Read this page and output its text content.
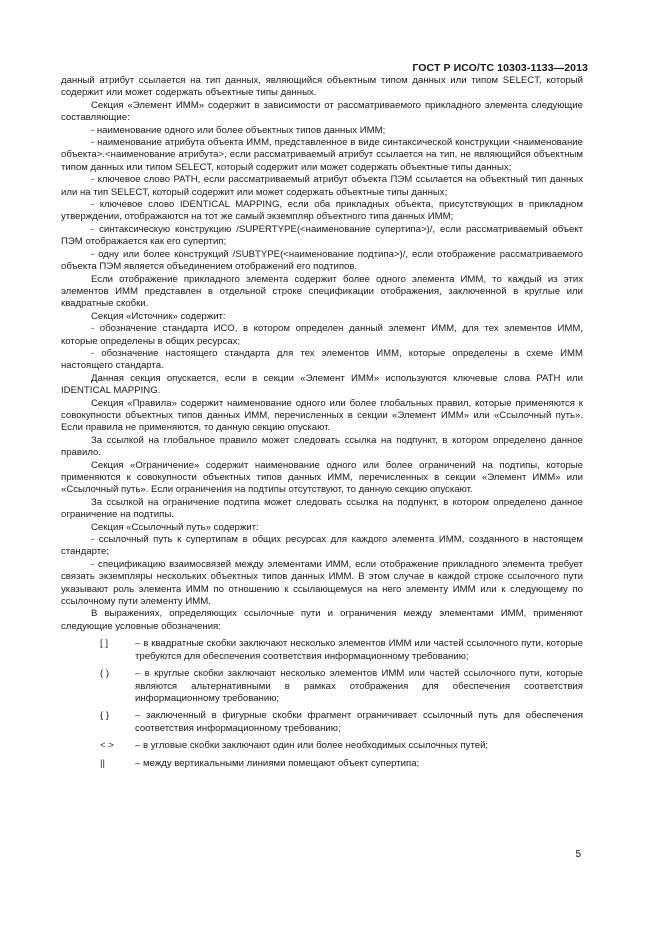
ГОСТ Р ИСО/ТС 10303-1133—2013

данный атрибут ссылается на тип данных, являющийся объектным типом данных или типом SELECT, который содержит или может содержать объектные типы данных.

Секция «Элемент ИММ» содержит в зависимости от рассматриваемого прикладного элемента следующие составляющие:

- наименование одного или более объектных типов данных ИММ;

- наименование атрибута объекта ИММ, представленное в виде синтаксической конструкции <наименование объекта>.<наименование атрибута>, если рассматриваемый атрибут ссылается на тип, не являющийся объектным типом данных или типом SELECT, который содержит или может содержать объектные типы данных;

- ключевое слово PATH, если рассматриваемый атрибут объекта ПЭМ ссылается на объектный тип данных или на тип SELECT, который содержит или может содержать объектные типы данных;

- ключевое слово IDENTICAL MAPPING, если оба прикладных объекта, присутствующих в прикладном утверждении, отображаются на тот же самый экземпляр объектного типа данных ИММ;

- синтаксическую конструкцию /SUPERTYPE(<наименование супертипа>)/, если рассматриваемый объект ПЭМ отображается как его супертип;

- одну или более конструкций /SUBTYPE(<наименование подтипа>)/, если отображение рассматриваемого объекта ПЭМ является объединением отображений его подтипов.

Если отображение прикладного элемента содержит более одного элемента ИММ, то каждый из этих элементов ИММ представлен в отдельной строке спецификации отображения, заключенной в круглые или квадратные скобки.

Секция «Источник» содержит:

- обозначение стандарта ИСО, в котором определен данный элемент ИММ, для тех элементов ИММ, которые определены в общих ресурсах;

- обозначение настоящего стандарта для тех элементов ИММ, которые определены в схеме ИММ настоящего стандарта.

Данная секция опускается, если в секции «Элемент ИММ» используются ключевые слова PATH или IDENTICAL MAPPING.

Секция «Правила» содержит наименование одного или более глобальных правил, которые применяются к совокупности объектных типов данных ИММ, перечисленных в секции «Элемент ИММ» или «Ссылочный путь». Если правила не применяются, то данную секцию опускают.

За ссылкой на глобальное правило может следовать ссылка на подпункт, в котором определено данное правило.

Секция «Ограничение» содержит наименование одного или более ограничений на подтипы, которые применяются к совокупности объектных типов данных ИММ, перечисленных в секции «Элемент ИММ» или «Ссылочный путь». Если ограничения на подтипы отсутствуют, то данную секцию опускают.

За ссылкой на ограничение подтипа может следовать ссылка на подпункт, в котором определено данное ограничение на подтипы.

Секция «Ссылочный путь» содержит:

- ссылочный путь к супертипам в общих ресурсах для каждого элемента ИММ, созданного в настоящем стандарте;

- спецификацию взаимосвязей между элементами ИММ, если отображение прикладного элемента требует связать экземпляры нескольких объектных типов данных ИММ. В этом случае в каждой строке ссылочного пути указывают роль элемента ИММ по отношению к ссылающемуся на него элементу ИММ или к следующему по ссылочному пути элементу ИММ.

В выражениях, определяющих ссылочные пути и ограничения между элементами ИММ, применяют следующие условные обозначения:

[ ]	– в квадратные скобки заключают несколько элементов ИММ или частей ссылочного пути, которые требуются для обеспечения соответствия информационному требованию;
( )	– в круглые скобки заключают несколько элементов ИММ или частей ссылочного пути, которые являются альтернативными в рамках отображения для обеспечения соответствия информационному требованию;
{ }	– заключенный в фигурные скобки фрагмент ограничивает ссылочный путь для обеспечения соответствия информационному требованию;
< >	– в угловые скобки заключают один или более необходимых ссылочных путей;
||	– между вертикальными линиями помещают объект супертипа;
5
